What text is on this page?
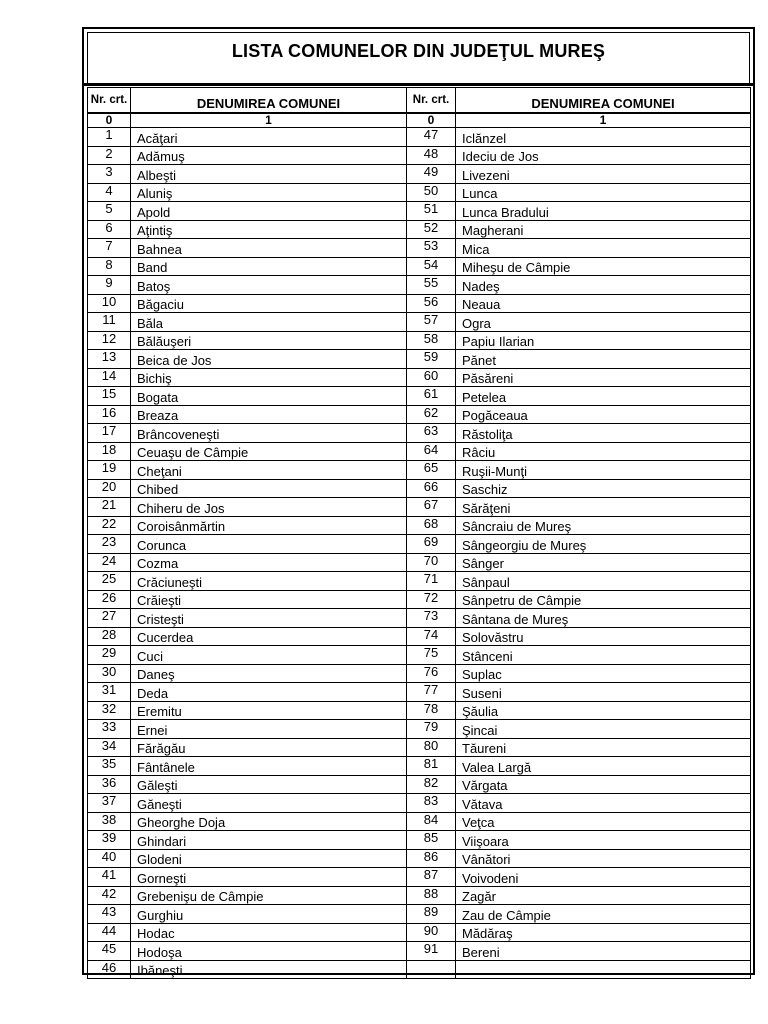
LISTA COMUNELOR DIN JUDEŢUL MUREŞ
Nr. crt.	DENUMIREA COMUNEI	Nr. crt.	DENUMIREA COMUNEI
0	1	0	1
1	Acăţari	47	Iclănzel
2	Adămuş	48	Ideciu de Jos
3	Albeşti	49	Livezeni
4	Aluniş	50	Lunca
5	Apold	51	Lunca Bradului
6	Aţintiş	52	Magherani
7	Bahnea	53	Mica
8	Band	54	Miheşu de Câmpie
9	Batoş	55	Nadeş
10	Băgaciu	56	Neaua
11	Băla	57	Ogra
12	Bălăuşeri	58	Papiu Ilarian
13	Beica de Jos	59	Pănet
14	Bichiş	60	Păsăreni
15	Bogata	61	Petelea
16	Breaza	62	Pogăceaua
17	Brâncoveneşti	63	Răstoliţa
18	Ceuaşu de Câmpie	64	Râciu
19	Cheţani	65	Ruşii-Munţi
20	Chibed	66	Saschiz
21	Chiheru de Jos	67	Sărăţeni
22	Coroisânmărtin	68	Sâncraiu de Mureş
23	Corunca	69	Sângeorgiu de Mureş
24	Cozma	70	Sânger
25	Crăciuneşti	71	Sânpaul
26	Crăieşti	72	Sânpetru de Câmpie
27	Cristeşti	73	Sântana de Mureş
28	Cucerdea	74	Solovăstru
29	Cuci	75	Stânceni
30	Daneş	76	Suplac
31	Deda	77	Suseni
32	Eremitu	78	Şăulia
33	Ernei	79	Şincai
34	Fărăgău	80	Tăureni
35	Fântânele	81	Valea Largă
36	Găleşti	82	Vărgata
37	Găneşti	83	Vătava
38	Gheorghe Doja	84	Veţca
39	Ghindari	85	Viişoara
40	Glodeni	86	Vânători
41	Gorneşti	87	Voivodeni
42	Grebenişu de Câmpie	88	Zagăr
43	Gurghiu	89	Zau de Câmpie
44	Hodac	90	Mădăraş
45	Hodoşa	91	Bereni
46	Ibăneşti		
